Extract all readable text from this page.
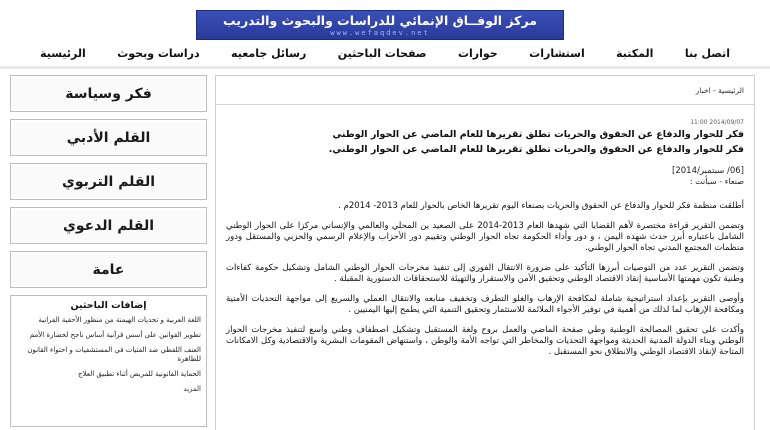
مركز الوفــاق الإنمائي للدراسات والبحوث والتدريب
www.wefaqdev.net
الرئيسية	دراسات وبحوث	رسائل جامعيه	صفحات الباحثين	حوارات	استشارات	المكتبة	اتصل بنا
فكر وسياسة
القلم الأدبي
القلم التربوي
القلم الدعوي
عامة
إضافات الباحثين
اللغة العربية و تحديات الهيمنة من منظور الأحقية الفرانية
تطوير القوانين على أسس قرآنية أساس ناجح لحضارة الأمم
العنف اللفظي ضد الفتيات في المستشفيات و احتواء القانون للظاهرة
الحماية القانونية للمريض أثناء تطبيق العلاج
المزيد
الرئيسية - اخبار
11:00 2014/09/07
فكر للحوار والدفاع عن الحقوق والحريات تطلق تقريرها للعام الماضي عن الحوار الوطني
فكر للحوار والدفاع عن الحقوق والحريات تطلق تقريرها للعام الماضي عن الحوار الوطني.
[06/ سبتمبر/2014]
صنعاء - سبأنت :

أطلقت منظمة فكر للحوار والدفاع عن الحقوق والحريات بصنعاء اليوم تقريرها الخاص بالحوار للعام 2013- 2014م .

وتضمن التقرير قراءة مختصرة لأهم القضايا التي شهدها العام 2013-2014 على الصعيد ين المحلي والعالمي والإنساني مركزا على الحوار الوطني الشامل باعتباره أبرز حدث شهده اليمن ، و دور وأداء الحكومة تجاه الحوار الوطني وتقييم دور الأحزاب والإعلام الرسمي والحزبي والمستقل ودور منظمات المجتمع المدني تجاه الحوار الوطني.

وتضمن التقرير عدد من التوصيات أبرزها التأكيد على ضرورة الانتقال الفوري إلى تنفيذ مخرجات الحوار الوطني الشامل وتشكيل حكومة كفاءات وطنية تكون مهمتها الأساسية إنقاذ الاقتصاد الوطني وتحقيق الأمن والاستقرار والتهيئة للاستحقاقات الدستورية المقبلة .

وأوصى التقرير بإعداد استراتيجية شاملة لمكافحة الإرهاب والغلو التطرف وتخفيف منابعه والانتقال العملي والسريع إلى مواجهة التحديات الأمنية ومكافحة الإرهاب لما لذلك من أهمية في توفير الأجواء الملائمة للاستثمار وتحقيق التنمية التي يطمح إليها اليمنيين .

وأكدت على تحقيق المصالحة الوطنية وطي صفحة الماضي والعمل بروح ولغة المستقبل وتشكيل اصطفاف وطني واسع لتنفيذ مخرجات الحوار الوطني وبناء الدولة المدنية الحديثة ومواجهة التحديات والمخاطر التي تواجه الأمة والوطن ، واستنهاض المقومات البشرية والاقتصادية وكل الامكانات المتاحة لإنقاذ الاقتصاد الوطني والانطلاق نحو المستقبل .
